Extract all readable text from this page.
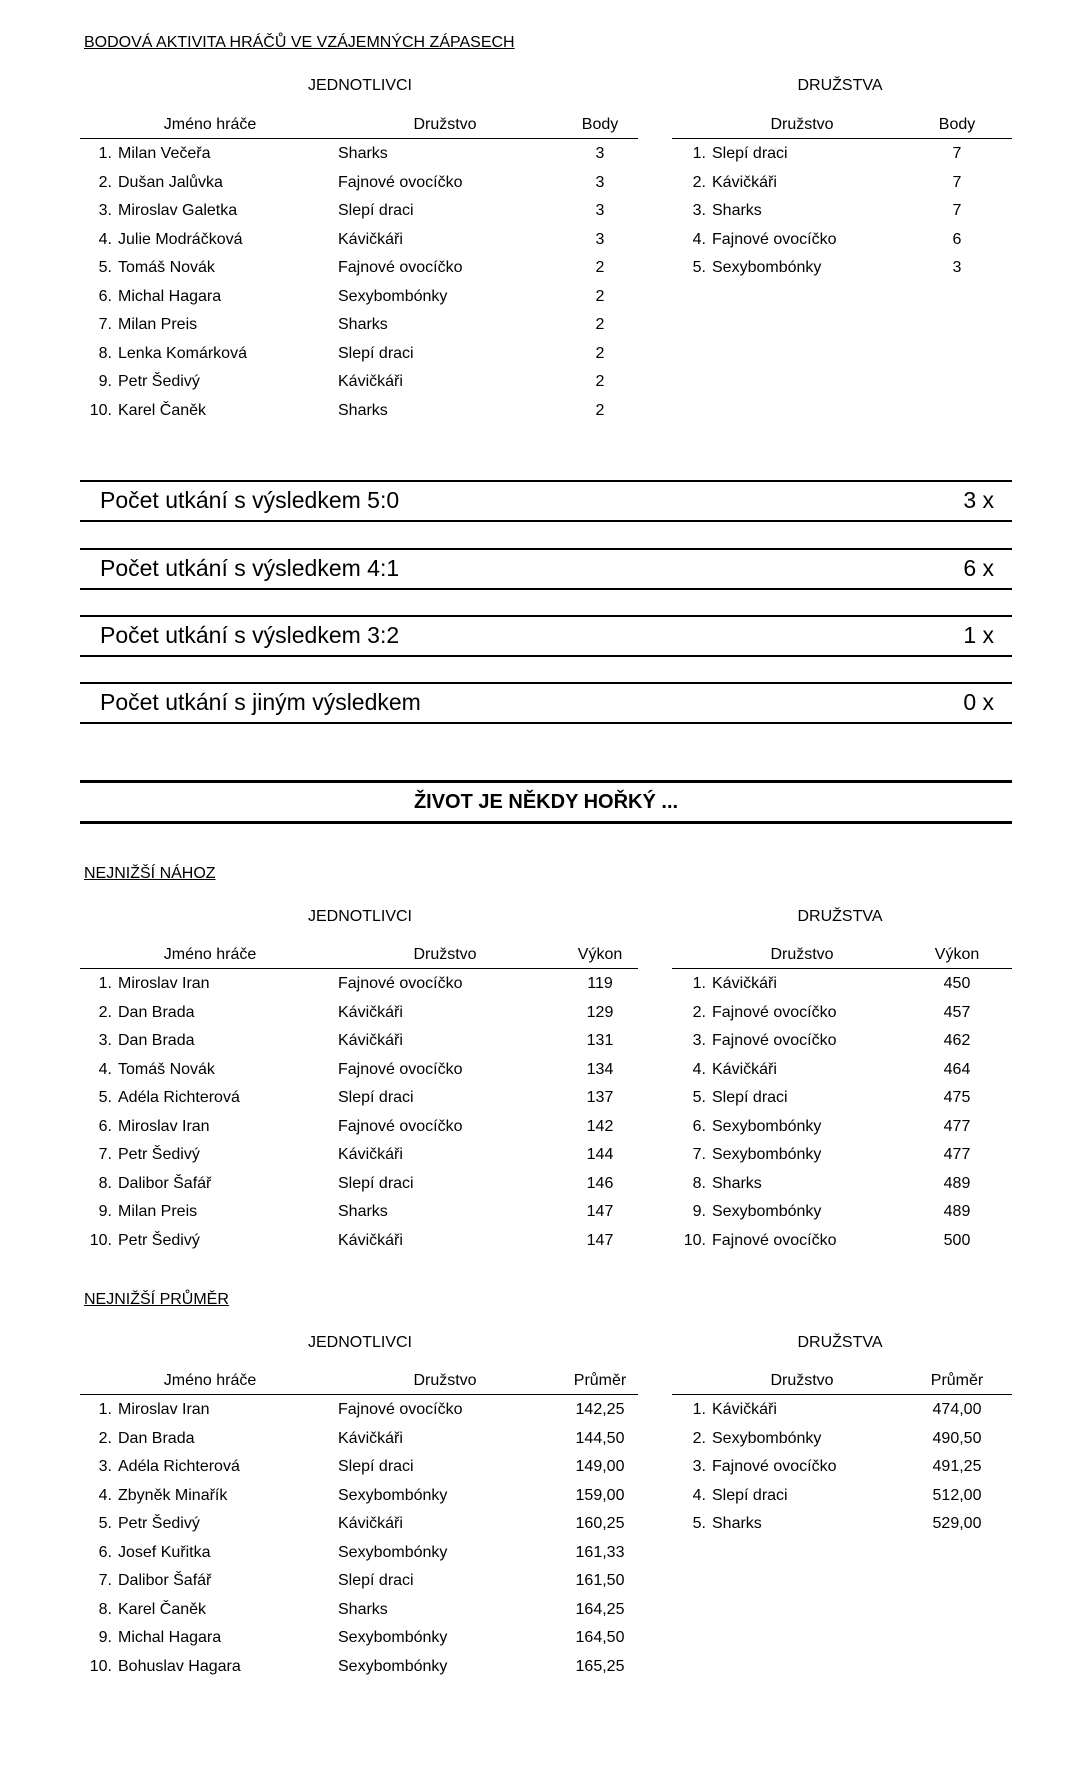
BODOVÁ AKTIVITA HRÁČŮ VE VZÁJEMNÝCH ZÁPASECH
JEDNOTLIVCI	DRUŽSTVA
Jméno hráče	Družstvo	Body
1. Milan Večeřa	Sharks	3
2. Dušan Jalůvka	Fajnové ovocíčko	3
3. Miroslav Galetka	Slepí draci	3
4. Julie Modráčková	Kávičkáři	3
5. Tomáš Novák	Fajnové ovocíčko	2
6. Michal Hagara	Sexybombónky	2
7. Milan Preis	Sharks	2
8. Lenka Komárková	Slepí draci	2
9. Petr Šedivý	Kávičkáři	2
10. Karel Čaněk	Sharks	2
Družstvo	Body
1. Slepí draci	7
2. Kávičkáři	7
3. Sharks	7
4. Fajnové ovocíčko	6
5. Sexybombónky	3
Počet utkání s výsledkem 5:0	3 x
Počet utkání s výsledkem 4:1	6 x
Počet utkání s výsledkem 3:2	1 x
Počet utkání s jiným výsledkem	0 x
ŽIVOT JE NĚKDY HOŘKÝ ...
NEJNIŽŠÍ NÁHOZ
JEDNOTLIVCI	DRUŽSTVA
Jméno hráče	Družstvo	Výkon
1. Miroslav Iran	Fajnové ovocíčko	119
2. Dan Brada	Kávičkáři	129
3. Dan Brada	Kávičkáři	131
4. Tomáš Novák	Fajnové ovocíčko	134
5. Adéla Richterová	Slepí draci	137
6. Miroslav Iran	Fajnové ovocíčko	142
7. Petr Šedivý	Kávičkáři	144
8. Dalibor Šafář	Slepí draci	146
9. Milan Preis	Sharks	147
10. Petr Šedivý	Kávičkáři	147
Družstvo	Výkon
1. Kávičkáři	450
2. Fajnové ovocíčko	457
3. Fajnové ovocíčko	462
4. Kávičkáři	464
5. Slepí draci	475
6. Sexybombónky	477
7. Sexybombónky	477
8. Sharks	489
9. Sexybombónky	489
10. Fajnové ovocíčko	500
NEJNIŽŠÍ PRŮMĚR
JEDNOTLIVCI	DRUŽSTVA
Jméno hráče	Družstvo	Průměr
1. Miroslav Iran	Fajnové ovocíčko	142,25
2. Dan Brada	Kávičkáři	144,50
3. Adéla Richterová	Slepí draci	149,00
4. Zbyněk Minařík	Sexybombónky	159,00
5. Petr Šedivý	Kávičkáři	160,25
6. Josef Kuřitka	Sexybombónky	161,33
7. Dalibor Šafář	Slepí draci	161,50
8. Karel Čaněk	Sharks	164,25
9. Michal Hagara	Sexybombónky	164,50
10. Bohuslav Hagara	Sexybombónky	165,25
Družstvo	Průměr
1. Kávičkáři	474,00
2. Sexybombónky	490,50
3. Fajnové ovocíčko	491,25
4. Slepí draci	512,00
5. Sharks	529,00
